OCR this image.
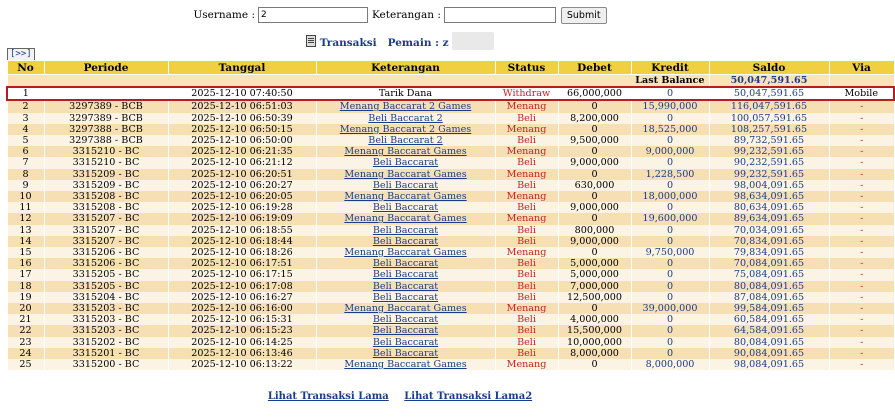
Username :
2	Keterangan :	Submit
Transaksi Pemain : z
[>>]
No	Periode	Tanggal	Keterangan	Status	Debet	Kredit	Saldo	Via
Last Balance							50,047,591.65	
1		2025-12-10 07:40:50	Tarik Dana	Withdraw	66,000,000	0	50,047,591.65	Mobile
2	3297389 - BCB	2025-12-10 06:51:03	Menang Baccarat 2 Games	Menang	0	15,990,000	116,047,591.65	-
3	3297389 - BCB	2025-12-10 06:50:39	Beli Baccarat 2	Beli	8,200,000	0	100,057,591.65	-
4	3297388 - BCB	2025-12-10 06:50:15	Menang Baccarat 2 Games	Menang	0	18,525,000	108,257,591.65	-
5	3297388 - BCB	2025-12-10 06:50:00	Beli Baccarat 2	Beli	9,500,000	0	89,732,591.65	-
6	3315210 - BC	2025-12-10 06:21:35	Menang Baccarat Games	Menang	0	9,000,000	99,232,591.65	-
7	3315210 - BC	2025-12-10 06:21:12	Beli Baccarat	Beli	9,000,000	0	90,232,591.65	-
8	3315209 - BC	2025-12-10 06:20:51	Menang Baccarat Games	Menang	0	1,228,500	99,232,591.65	-
9	3315209 - BC	2025-12-10 06:20:27	Beli Baccarat	Beli	630,000	0	98,004,091.65	-
10	3315208 - BC	2025-12-10 06:20:05	Menang Baccarat Games	Menang	0	18,000,000	98,634,091.65	-
11	3315208 - BC	2025-12-10 06:19:28	Beli Baccarat	Beli	9,000,000	0	80,634,091.65	-
12	3315207 - BC	2025-12-10 06:19:09	Menang Baccarat Games	Menang	0	19,600,000	89,634,091.65	-
13	3315207 - BC	2025-12-10 06:18:55	Beli Baccarat	Beli	800,000	0	70,034,091.65	-
14	3315207 - BC	2025-12-10 06:18:44	Beli Baccarat	Beli	9,000,000	0	70,834,091.65	-
15	3315206 - BC	2025-12-10 06:18:26	Menang Baccarat Games	Menang	0	9,750,000	79,834,091.65	-
16	3315206 - BC	2025-12-10 06:17:51	Beli Baccarat	Beli	5,000,000	0	70,084,091.65	-
17	3315205 - BC	2025-12-10 06:17:15	Beli Baccarat	Beli	5,000,000	0	75,084,091.65	-
18	3315205 - BC	2025-12-10 06:17:08	Beli Baccarat	Beli	7,000,000	0	80,084,091.65	-
19	3315204 - BC	2025-12-10 06:16:27	Beli Baccarat	Beli	12,500,000	0	87,084,091.65	-
20	3315203 - BC	2025-12-10 06:16:00	Menang Baccarat Games	Menang	0	39,000,000	99,584,091.65	-
21	3315203 - BC	2025-12-10 06:15:31	Beli Baccarat	Beli	4,000,000	0	60,584,091.65	-
22	3315203 - BC	2025-12-10 06:15:23	Beli Baccarat	Beli	15,500,000	0	64,584,091.65	-
23	3315202 - BC	2025-12-10 06:14:25	Beli Baccarat	Beli	10,000,000	0	80,084,091.65	-
24	3315201 - BC	2025-12-10 06:13:46	Beli Baccarat	Beli	8,000,000	0	90,084,091.65	-
25	3315200 - BC	2025-12-10 06:13:22	Menang Baccarat Games	Menang	0	8,000,000	98,084,091.65	-
Lihat Transaksi Lama Lihat Transaksi Lama2
